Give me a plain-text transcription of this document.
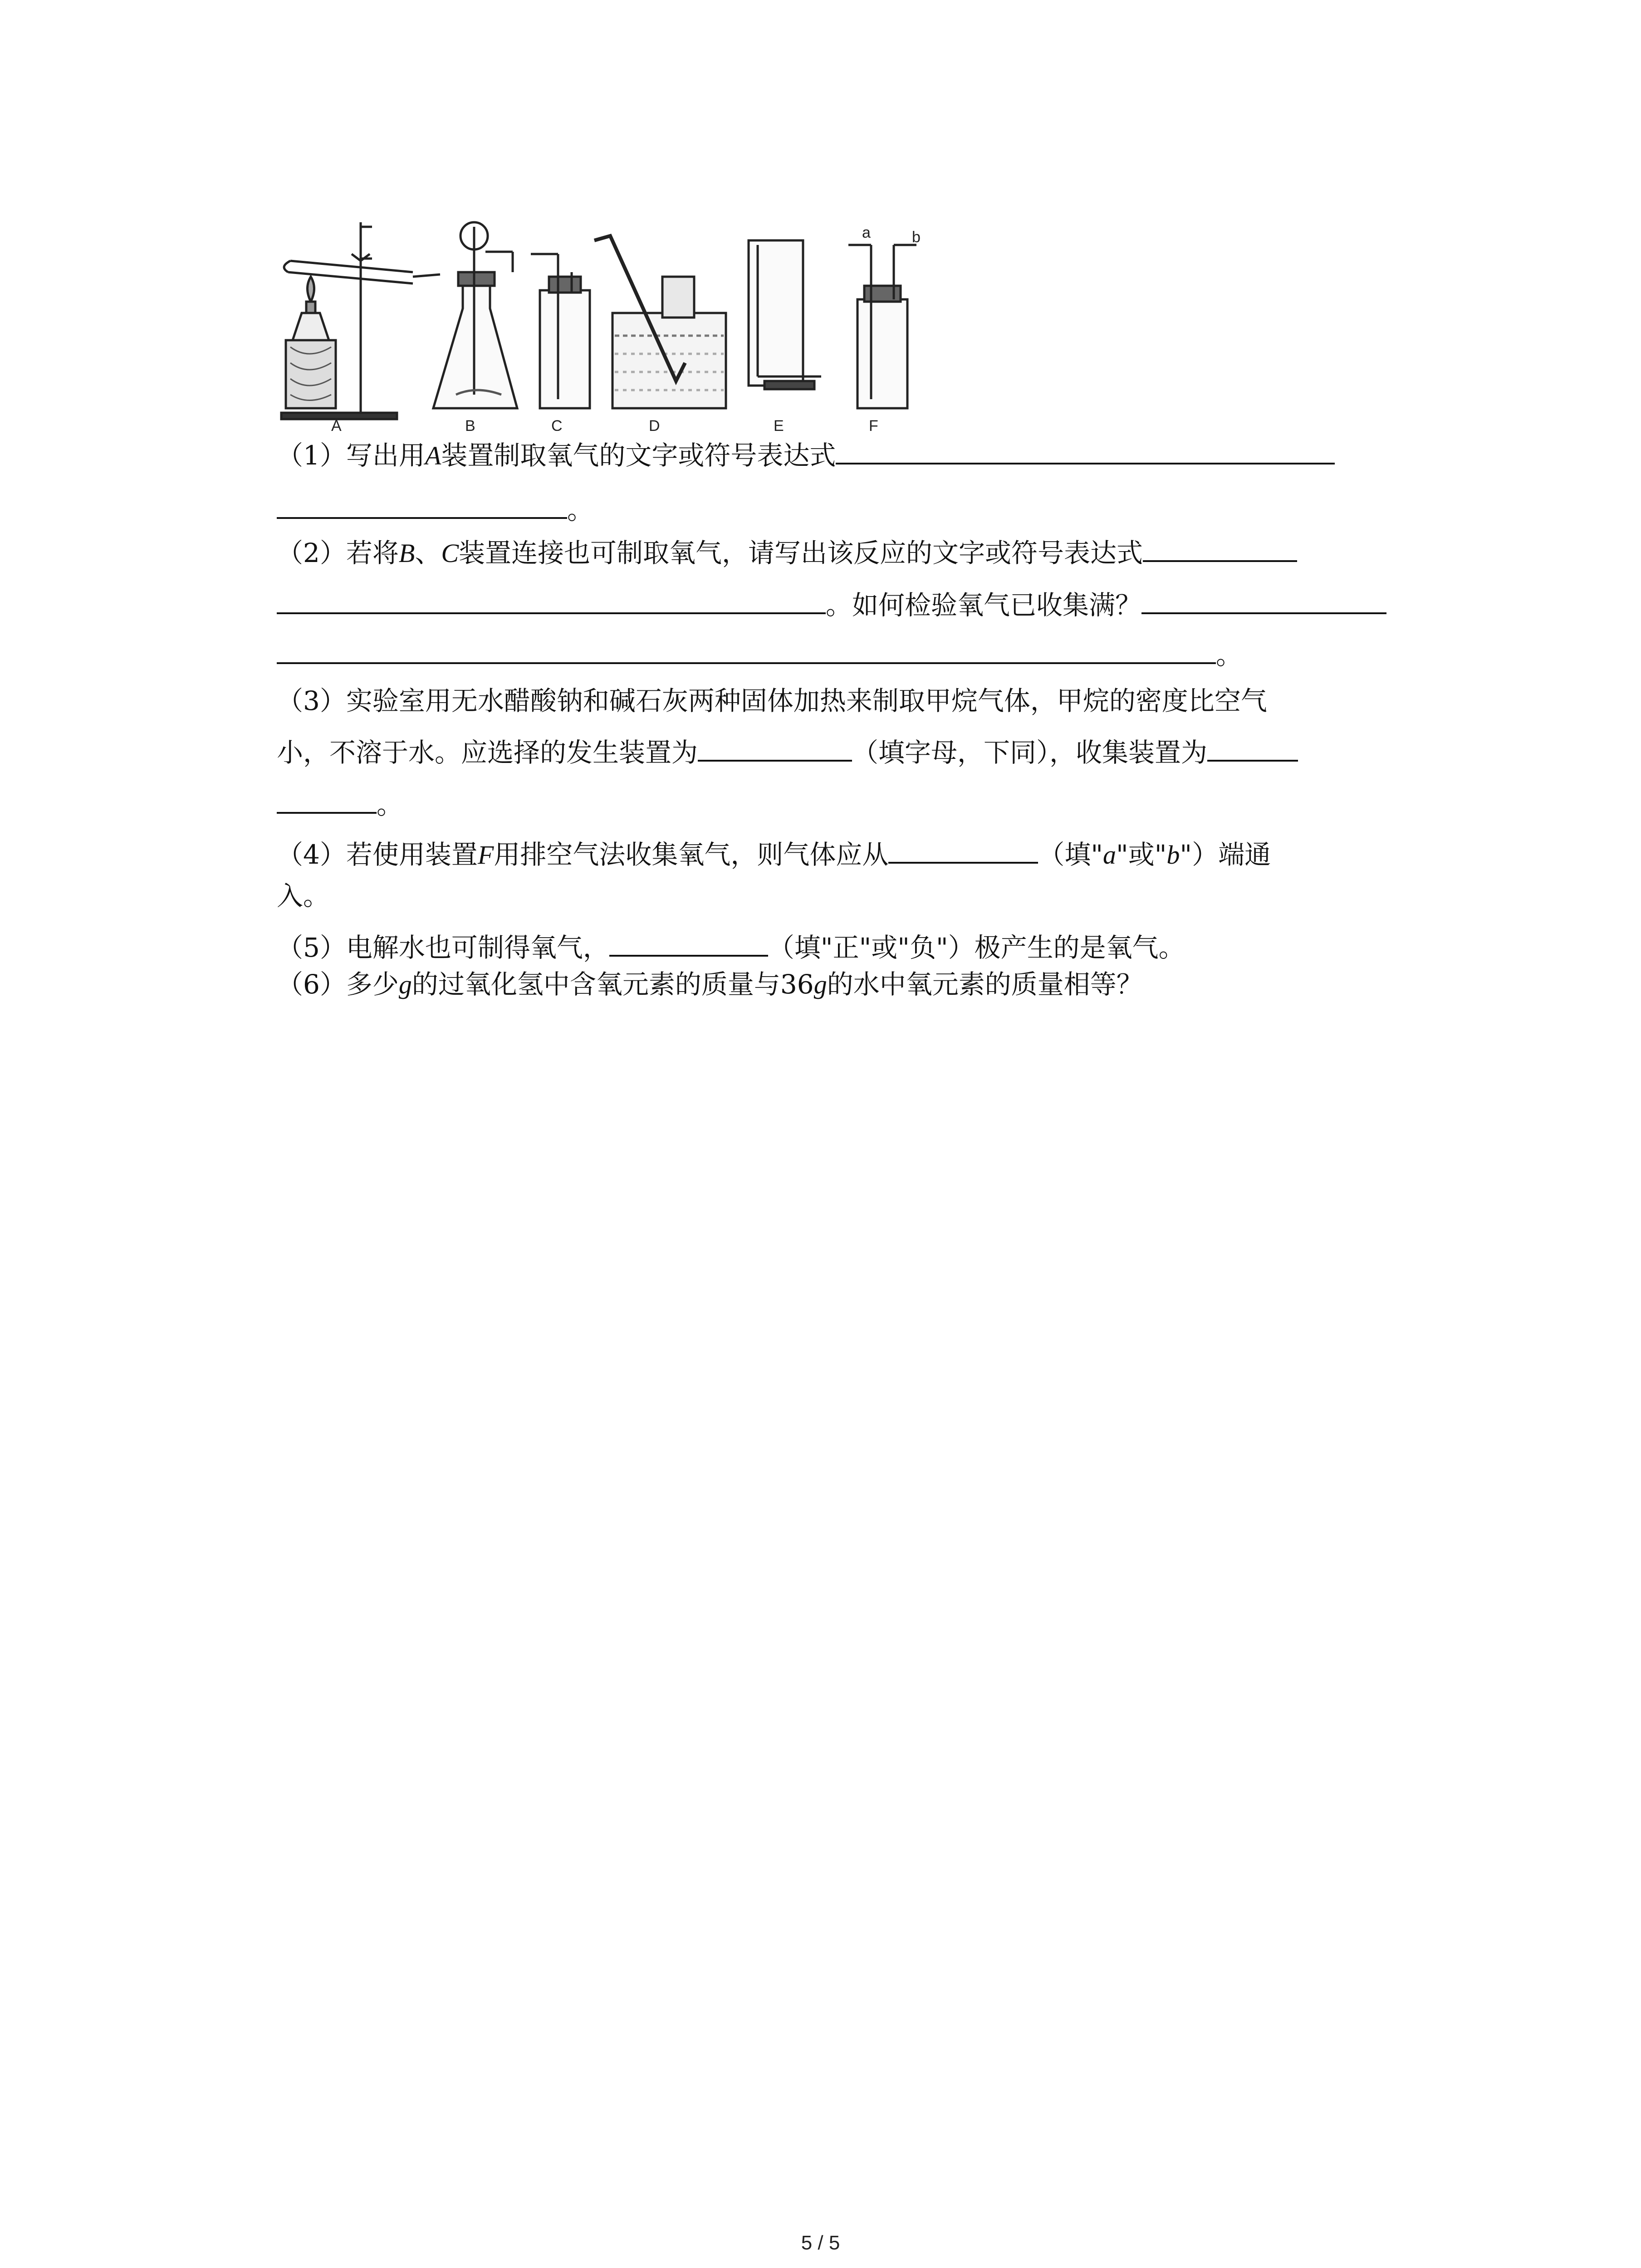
a	b
A	B	C	D	E	F
（1）写出用A装置制取氧气的文字或符号表达式
。
（2）若将B、C装置连接也可制取氧气，请写出该反应的文字或符号表达式
。如何检验氧气已收集满？
。
（3）实验室用无水醋酸钠和碱石灰两种固体加热来制取甲烷气体，甲烷的密度比空气
小，不溶于水。应选择的发生装置为	（填字母，下同），收集装置为
。
（4）若使用装置F用排空气法收集氧气，则气体应从	（填"a"或"b"）端通
入。
（5）电解水也可制得氧气，	（填"正"或"负"）极产生的是氧气。
（6）多少g的过氧化氢中含氧元素的质量与36g的水中氧元素的质量相等？
5 / 5
